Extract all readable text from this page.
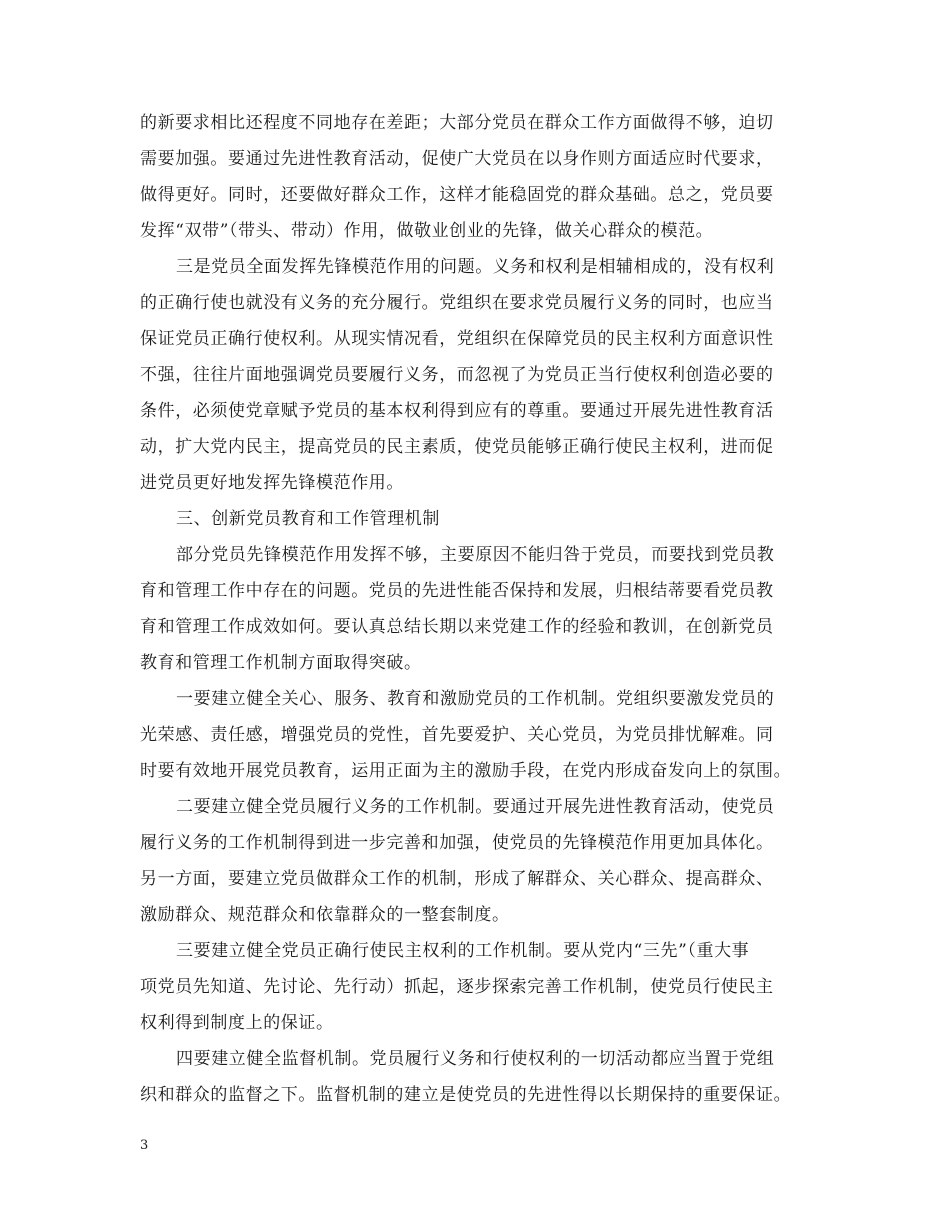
的新要求相比还程度不同地存在差距；大部分党员在群众工作方面做得不够，迫切
需要加强。要通过先进性教育活动，促使广大党员在以身作则方面适应时代要求，
做得更好。同时，还要做好群众工作，这样才能稳固党的群众基础。总之，党员要
发挥“双带”（带头、带动）作用，做敬业创业的先锋，做关心群众的模范。
三是党员全面发挥先锋模范作用的问题。义务和权利是相辅相成的，没有权利
的正确行使也就没有义务的充分履行。党组织在要求党员履行义务的同时，也应当
保证党员正确行使权利。从现实情况看，党组织在保障党员的民主权利方面意识性
不强，往往片面地强调党员要履行义务，而忽视了为党员正当行使权利创造必要的
条件，必须使党章赋予党员的基本权利得到应有的尊重。要通过开展先进性教育活
动，扩大党内民主，提高党员的民主素质，使党员能够正确行使民主权利，进而促
进党员更好地发挥先锋模范作用。
三、创新党员教育和工作管理机制
部分党员先锋模范作用发挥不够，主要原因不能归咎于党员，而要找到党员教
育和管理工作中存在的问题。党员的先进性能否保持和发展，归根结蒂要看党员教
育和管理工作成效如何。要认真总结长期以来党建工作的经验和教训，在创新党员
教育和管理工作机制方面取得突破。
一要建立健全关心、服务、教育和激励党员的工作机制。党组织要激发党员的
光荣感、责任感，增强党员的党性，首先要爱护、关心党员，为党员排忧解难。同
时要有效地开展党员教育，运用正面为主的激励手段，在党内形成奋发向上的氛围。
二要建立健全党员履行义务的工作机制。要通过开展先进性教育活动，使党员
履行义务的工作机制得到进一步完善和加强，使党员的先锋模范作用更加具体化。
另一方面，要建立党员做群众工作的机制，形成了解群众、关心群众、提高群众、
激励群众、规范群众和依靠群众的一整套制度。
三要建立健全党员正确行使民主权利的工作机制。要从党内“三先”（重大事
项党员先知道、先讨论、先行动）抓起，逐步探索完善工作机制，使党员行使民主
权利得到制度上的保证。
四要建立健全监督机制。党员履行义务和行使权利的一切活动都应当置于党组
织和群众的监督之下。监督机制的建立是使党员的先进性得以长期保持的重要保证。
3
